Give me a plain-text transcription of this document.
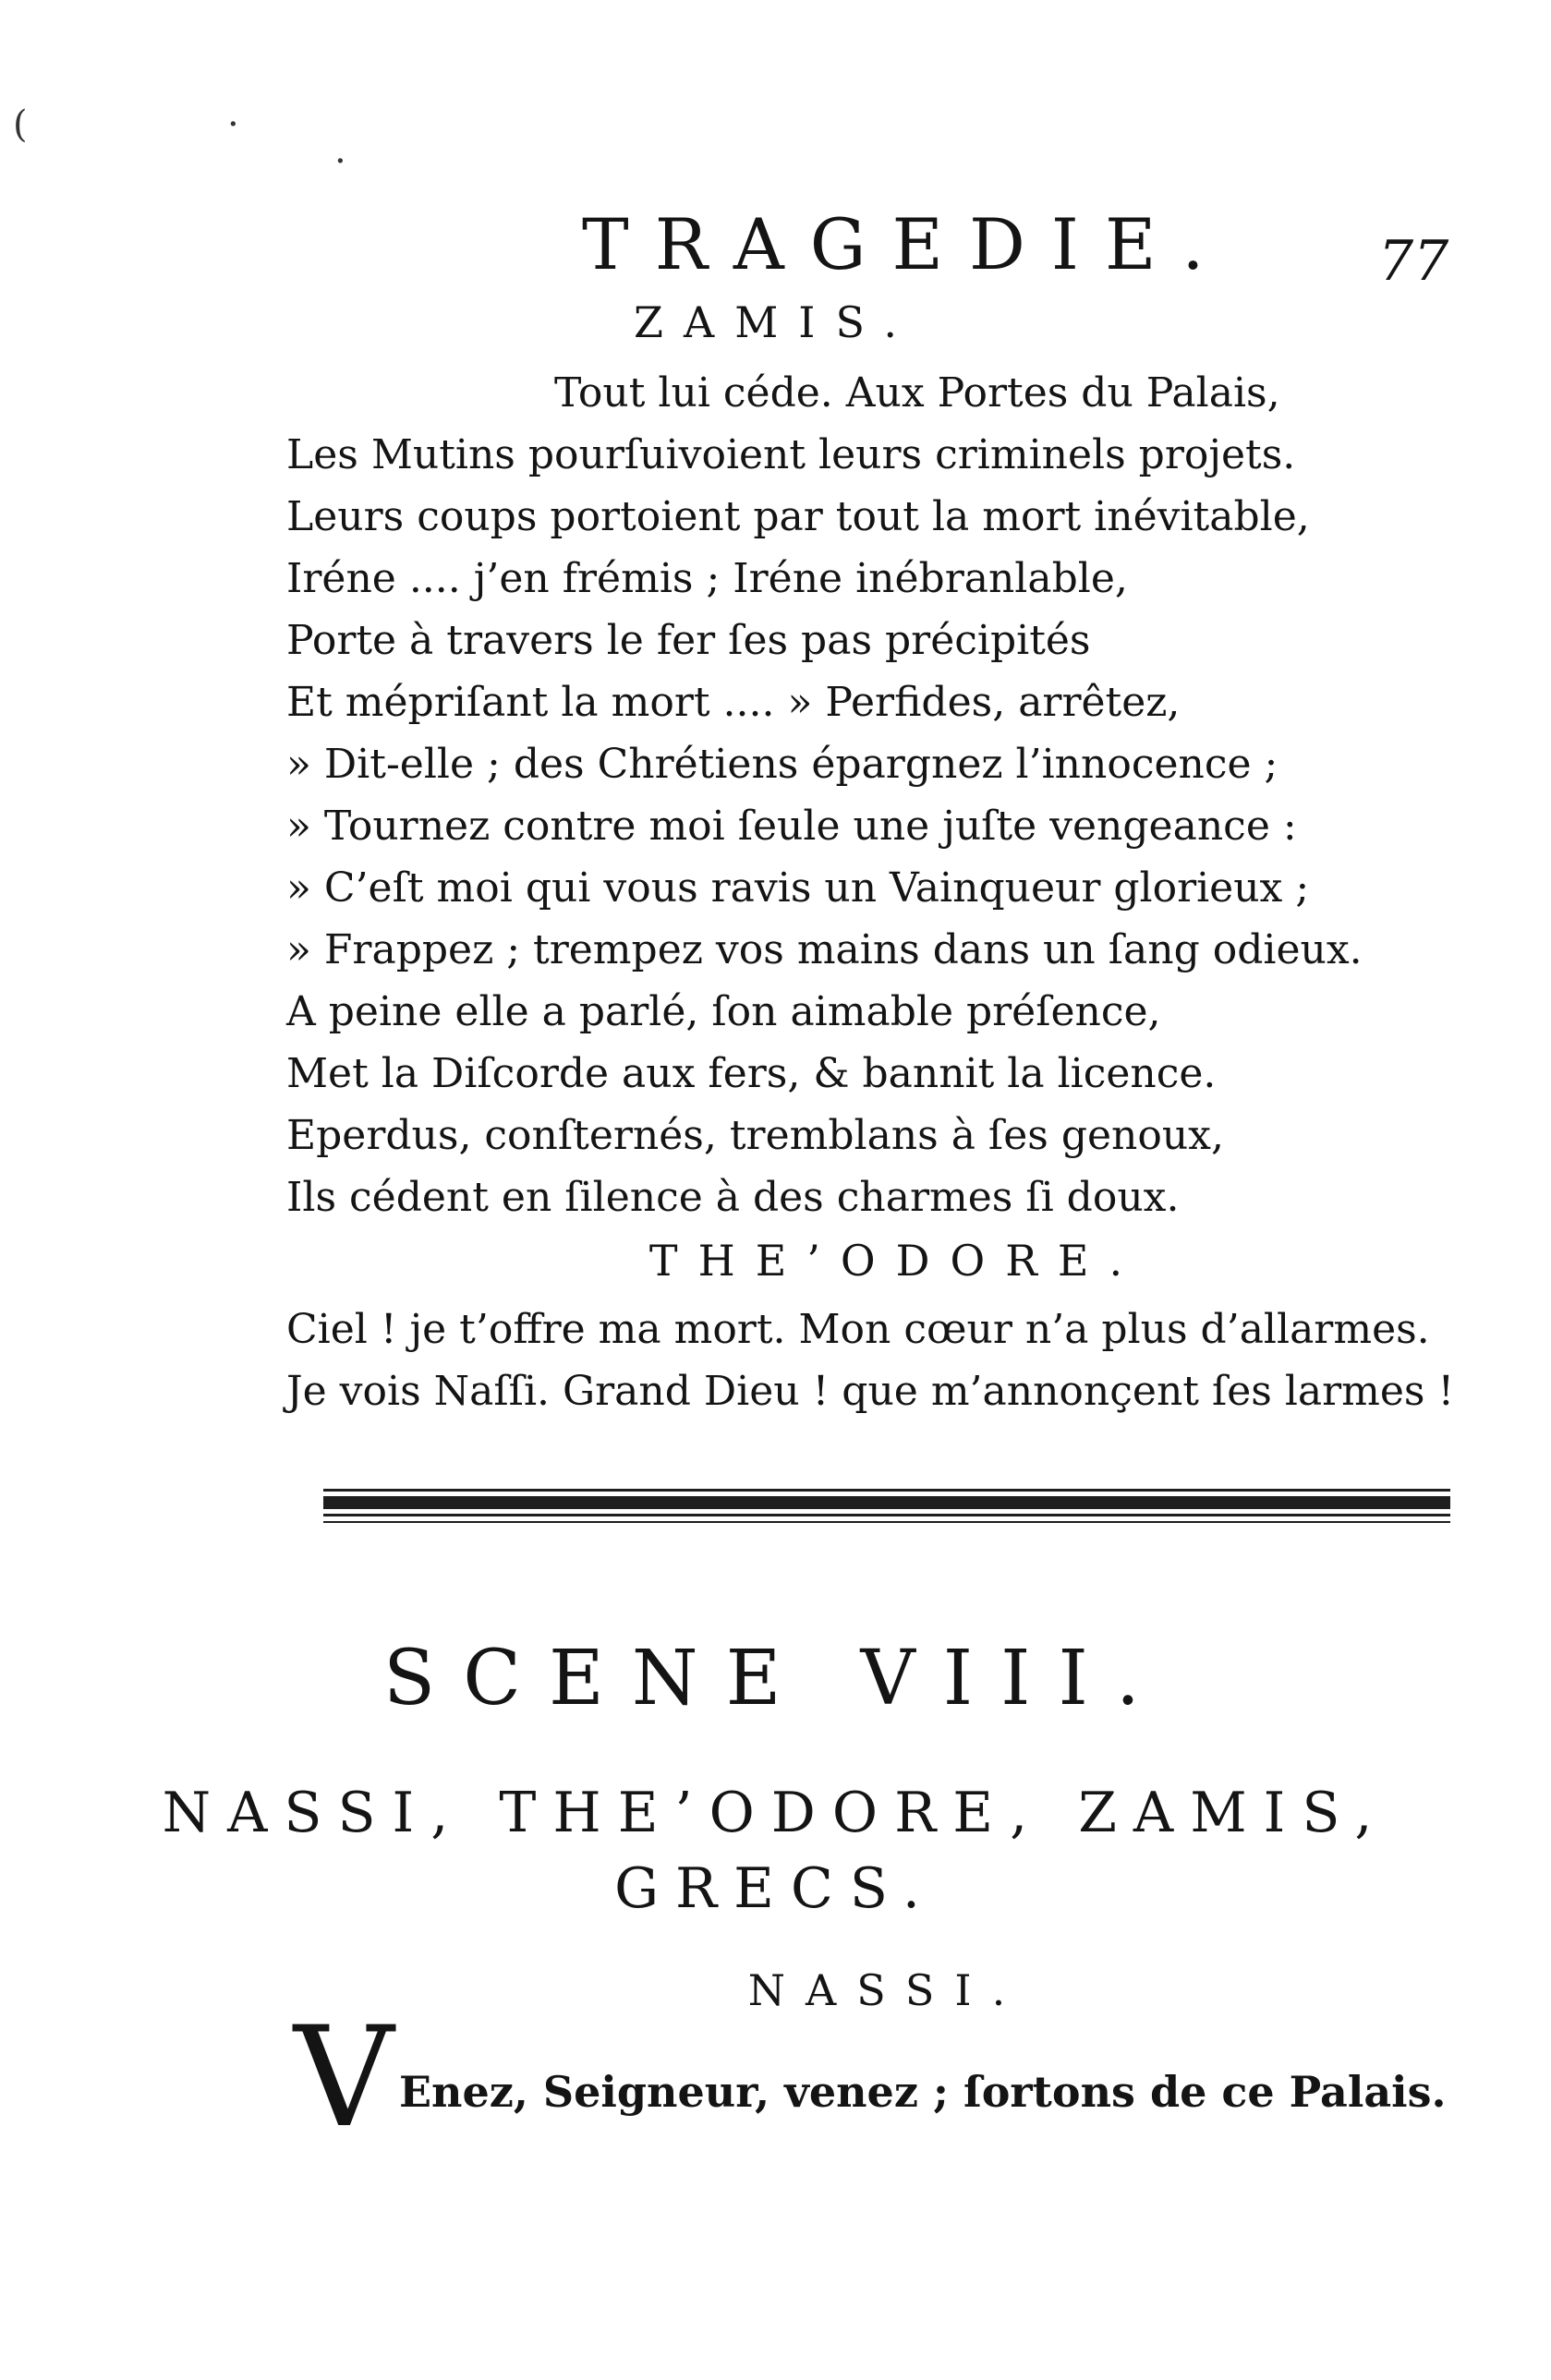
(	.
.
TRAGEDIE.	77
ZAMIS.
Tout lui céde. Aux Portes du Palais,
Les Mutins pourſuivoient leurs criminels projets.
Leurs coups portoient par tout la mort inévitable,
Iréne .... j’en frémis ; Iréne inébranlable,
Porte à travers le fer ſes pas précipités
Et mépriſant la mort .... » Perfides, arrêtez,
» Dit-elle ; des Chrétiens épargnez l’innocence ;
» Tournez contre moi ſeule une juſte vengeance :
» C’eſt moi qui vous ravis un Vainqueur glorieux ;
» Frappez ; trempez vos mains dans un ſang odieux.
A peine elle a parlé, ſon aimable préſence,
Met la Diſcorde aux fers, & bannit la licence.
Eperdus, conſternés, tremblans à ſes genoux,
Ils cédent en ſilence à des charmes ſi doux.
THE’ODORE.
Ciel ! je t’offre ma mort. Mon cœur n’a plus d’allarmes.
Je vois Naſſi. Grand Dieu ! que m’annonçent ſes larmes !
SCENE VIII.
NASSI, THE’ODORE, ZAMIS,
GRECS.
NASSI.
V Enez, Seigneur, venez ; ſortons de ce Palais.
